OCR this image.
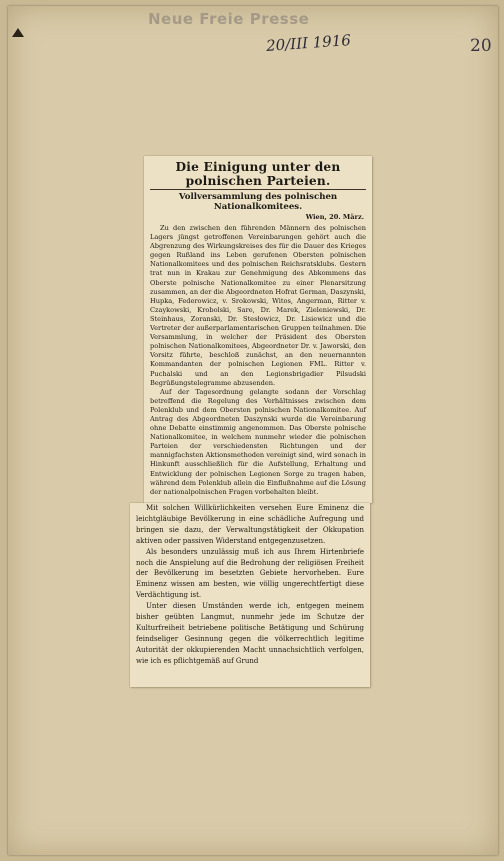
Neue Freie Presse
20/III 1916	20
Die Einigung unter den polnischen Parteien.
Vollversammlung des polnischen Nationalkomitees.
Wien, 20. März.
Zu den zwischen den führenden Männern des polnischen Lagers jüngst getroffenen Vereinbarungen gehört auch die Abgrenzung des Wirkungskreises des für die Dauer des Krieges gegen Rußland ins Leben gerufenen Obersten polnischen Nationalkomitees und des polnischen Reichsratsklubs. Gestern trat nun in Krakau zur Genehmigung des Abkommens das Oberste polnische Nationalkomitee zu einer Plenarsitzung zusammen, an der die Abgeordneten Hofrat German, Daszynski, Hupka, Federowicz, v. Srokowski, Witos, Angerman, Ritter v. Czaykowski, Krobolski, Sare, Dr. Marek, Zieleniewski, Dr. Steinhaus, Zoranski, Dr. Stesłowicz, Dr. Lisiewicz und die Vertreter der außerparlamentarischen Gruppen teilnahmen. Die Versammlung, in welcher der Präsident des Obersten polnischen Nationalkomitees, Abgeordneter Dr. v. Jaworski, den Vorsitz führte, beschloß zunächst, an den neuernannten Kommandanten der polnischen Legionen FML. Ritter v. Puchalski und an den Legionsbrigadier Pilsudski Begrüßungstelegramme abzusenden.
Auf der Tagesordnung gelangte sodann der Vorschlag betreffend die Regelung des Verhältnisses zwischen dem Polenklub und dem Obersten polnischen Nationalkomitee. Auf Antrag des Abgeordneten Daszynski wurde die Vereinbarung ohne Debatte einstimmig angenommen. Das Oberste polnische Nationalkomitee, in welchem nunmehr wieder die polnischen Parteien der verschiedensten Richtungen und der mannigfachsten Aktionsmethoden vereinigt sind, wird sonach in Hinkunft ausschließlich für die Aufstellung, Erhaltung und Entwicklung der polnischen Legionen Sorge zu tragen haben, während dem Polenklub allein die Einflußnahme auf die Lösung der nationalpolnischen Fragen vorbehalten bleibt.
Mit solchen Willkürlichkeiten versehen Eure Eminenz die leichtgläubige Bevölkerung in eine schädliche Aufregung und bringen sie dazu, der Verwaltungstätigkeit der Okkupation aktiven oder passiven Widerstand entgegenzusetzen.
Als besonders unzulässig muß ich aus Ihrem Hirtenbriefe noch die Anspielung auf die Bedrohung der religiösen Freiheit der Bevölkerung im besetzten Gebiete hervorheben. Eure Eminenz wissen am besten, wie völlig ungerechtfertigt diese Verdächtigung ist.
Unter diesen Umständen werde ich, entgegen meinem bisher geübten Langmut, nunmehr jede im Schutze der Kulturfreiheit betriebene politische Betätigung und Schürung feindseliger Gesinnung gegen die völkerrechtlich legitime Autorität der okkupierenden Macht unnachsichtlich verfolgen, wie ich es pflichtgemäß auf Grund
